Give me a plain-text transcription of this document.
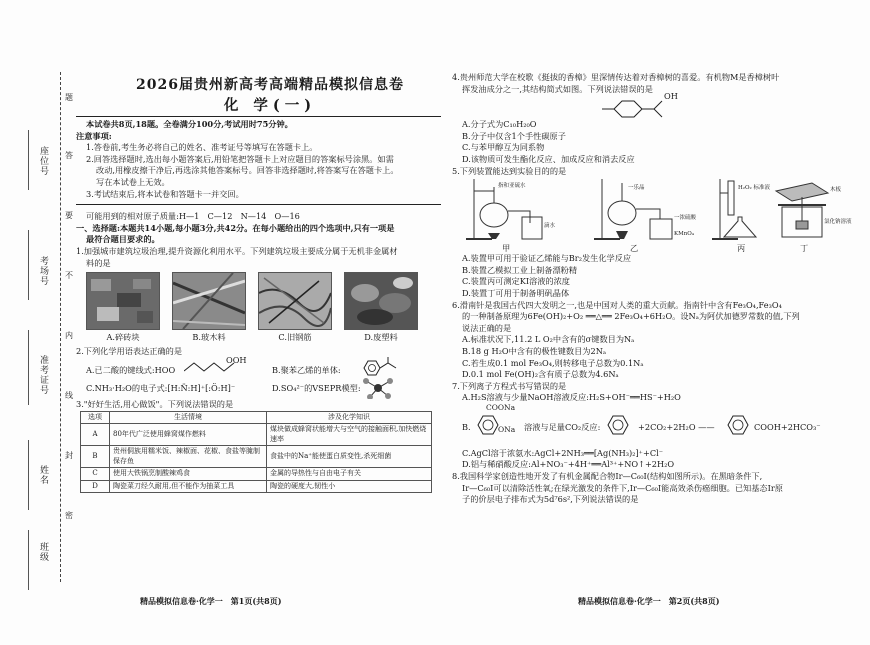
座位号
考场号
准考证号
姓名
班级
题
答
要
不
内
线
封
密
2026届贵州新高考高端精品模拟信息卷
化 学(一)

本试卷共8页,18题。全卷满分100分,考试用时75分钟。

注意事项:

1.答卷前,考生务必将自己的姓名、准考证号等填写在答题卡上。

2.回答选择题时,选出每小题答案后,用铅笔把答题卡上对应题目的答案标号涂黑。如需

改动,用橡皮擦干净后,再选涂其他答案标号。回答非选择题时,将答案写在答题卡上。

写在本试卷上无效。

3.考试结束后,将本试卷和答题卡一并交回。

可能用到的相对原子质量:H—1　C—12　N—14　O—16

一、选择题:本题共14小题,每小题3分,共42分。在每小题给出的四个选项中,只有一项是

最符合题目要求的。

1.加强城市建筑垃圾治理,提升资源化利用水平。下列建筑垃圾主要成分属于无机非金属材

料的是

A.碎砖块	B.玻木料	C.旧钢筋	D.废塑料

2.下列化学用语表达正确的是

A.已二酸的键线式:HOO
OOH
B.聚苯乙烯的单体:
C.NH₃·H₂O的电子式:[H:N̈:H]⁺[:Ö:H]⁻	D.SO₄²⁻的VSEPR模型:

3."好好生活,用心做饭"。下列说法错误的是

选项	生活情境	涉及化学知识
A	80年代广泛使用蜂窝煤作燃料	煤块做成蜂窝状能增大与空气的接触面积,加快燃烧速率
B	贵州侗族用糯米饭、辣椒面、花椒、食盐等腌制保存鱼	食盐中的Na⁺能使蛋白质变性,杀死细菌
C	使用大铁锅烹制酸辣鸡食	金属的导热性与自由电子有关
D	陶瓷菜刀经久耐用,但不能作为抽菜工具	陶瓷的硬度大,韧性小

4.贵州师范大学在校歌《挺拔的香樟》里深情传达着对香樟树的喜爱。有机物M是香樟树叶

挥发油成分之一,其结构简式如图。下列说法错误的是

OH

A.分子式为C₁₀H₂₀O

B.分子中仅含1个手性碳原子

C.与苯甲醇互为同系物

D.该物质可发生酯化反应、加成反应和消去反应

5.下列装置能达到实验目的的是

甲	乙	丙	丁
指和亚硫水	一乐晶
滴水
一浓硫酸
H₂O₂ 标准液	木板
KMnO₄
氯化钠溶液

A.装置甲可用于验证乙烯能与Br₂发生化学反应

B.装置乙模拟工业上制备漂粉精

C.装置丙可测定KI溶液的浓度

D.装置丁可用于制备明矾晶体

6.滑南针是我国古代四大发明之一,也是中国对人类的重大贡献。指南针中含有Fe₃O₄,Fe₃O₄

的一种制备原理为6Fe(OH)₂+O₂ ══△══ 2Fe₃O₄+6H₂O。设Nₐ为阿伏加德罗常数的值,下列

说法正确的是

A.标准状况下,11.2 L O₂中含有的σ键数目为Nₐ

B.18 g H₂O中含有的极性键数目为2Nₐ

C.若生成0.1 mol Fe₃O₄,则转移电子总数为0.1Nₐ

D.0.1 mol Fe(OH)₂含有质子总数为4.6Nₐ

7.下列离子方程式书写错误的是

A.H₂S溶液与少量NaOH溶液反应:H₂S+OH⁻══HS⁻+H₂O

B.
COONa
ONa 溶液与足量CO₂反应:	+2CO₂+2H₂O ——	COOH+2HCO₃⁻

C.AgCl溶于浓氨水:AgCl+2NH₃══[Ag(NH₃)₂]⁺+Cl⁻

D.铝与稀硝酸反应:Al+NO₃⁻+4H⁺══Al³⁺+NO↑+2H₂O

8.我国科学家创造性地开发了有机金属配合物Ir—C₆₀I(结构如图所示)。在黑暗条件下,

Ir—C₆₀I可以清除活性氧;在绿光激发的条件下,Ir—C₆₀I能高效杀伤癌细胞。已知基态Ir原

子的价层电子排布式为5d⁷6s²,下列说法错误的是

精品模拟信息卷·化学一　第1页(共8页)	精品模拟信息卷·化学一　第2页(共8页)
